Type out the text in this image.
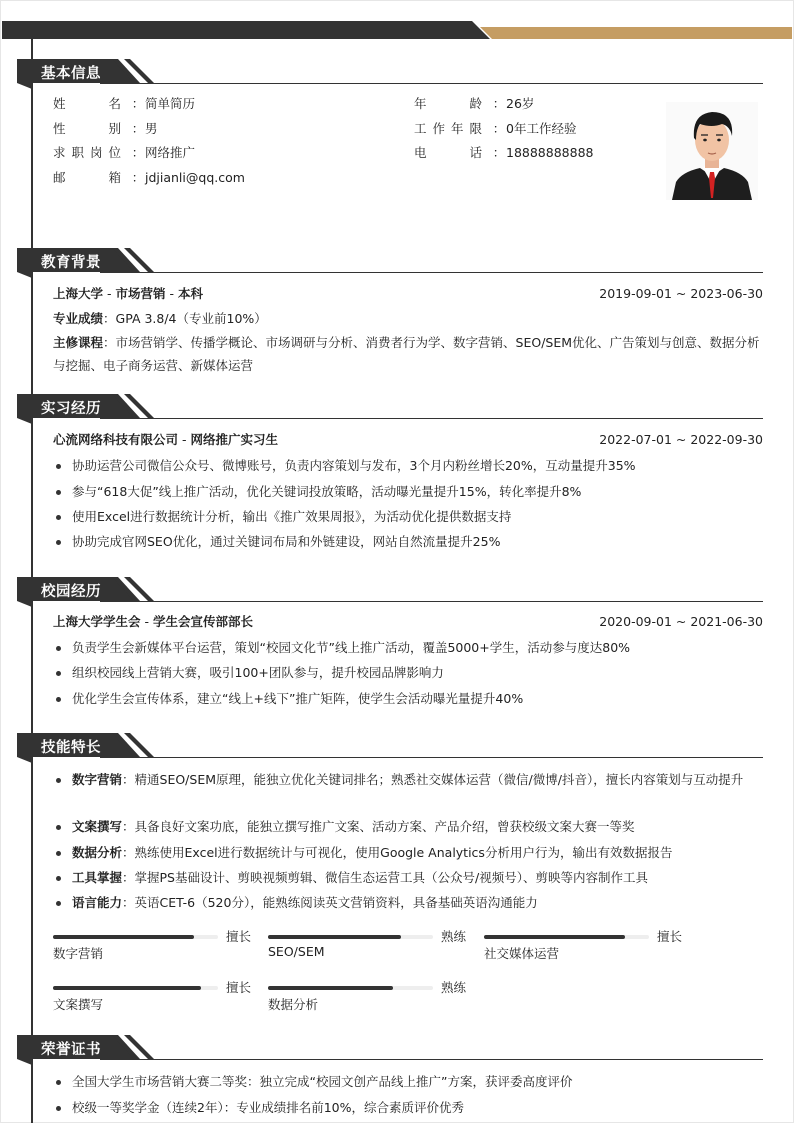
基本信息
姓名 ：简单简历
性别 ：男
求职岗位 ：网络推广
邮箱 ：jdjianli@qq.com
年龄 ：26岁
工作年限 ：0年工作经验
电话 ：18888888888
教育背景
上海大学 - 市场营销 - 本科	2019-09-01 ~ 2023-06-30
专业成绩：GPA 3.8/4（专业前10%）
主修课程：市场营销学、传播学概论、市场调研与分析、消费者行为学、数字营销、SEO/SEM优化、广告策划与创意、数据分析与挖掘、电子商务运营、新媒体运营
实习经历
心流网络科技有限公司 - 网络推广实习生	2022-07-01 ~ 2022-09-30
协助运营公司微信公众号、微博账号，负责内容策划与发布，3个月内粉丝增长20%，互动量提升35%
参与“618大促”线上推广活动，优化关键词投放策略，活动曝光量提升15%，转化率提升8%
使用Excel进行数据统计分析，输出《推广效果周报》，为活动优化提供数据支持
协助完成官网SEO优化，通过关键词布局和外链建设，网站自然流量提升25%
校园经历
上海大学学生会 - 学生会宣传部部长	2020-09-01 ~ 2021-06-30
负责学生会新媒体平台运营，策划“校园文化节”线上推广活动，覆盖5000+学生，活动参与度达80%
组织校园线上营销大赛，吸引100+团队参与，提升校园品牌影响力
优化学生会宣传体系，建立“线上+线下”推广矩阵，使学生会活动曝光量提升40%
技能特长
数字营销：精通SEO/SEM原理，能独立优化关键词排名；熟悉社交媒体运营（微信/微博/抖音），擅长内容策划与互动提升
文案撰写：具备良好文案功底，能独立撰写推广文案、活动方案、产品介绍，曾获校级文案大赛一等奖
数据分析：熟练使用Excel进行数据统计与可视化，使用Google Analytics分析用户行为，输出有效数据报告
工具掌握：掌握PS基础设计、剪映视频剪辑、微信生态运营工具（公众号/视频号）、剪映等内容制作工具
语言能力：英语CET-6（520分），能熟练阅读英文营销资料，具备基础英语沟通能力
擅长
数字营销
熟练
SEO/SEM
擅长
社交媒体运营
擅长
文案撰写
熟练
数据分析
荣誉证书
全国大学生市场营销大赛二等奖：独立完成“校园文创产品线上推广”方案，获评委高度评价
校级一等奖学金（连续2年）：专业成绩排名前10%，综合素质评价优秀
